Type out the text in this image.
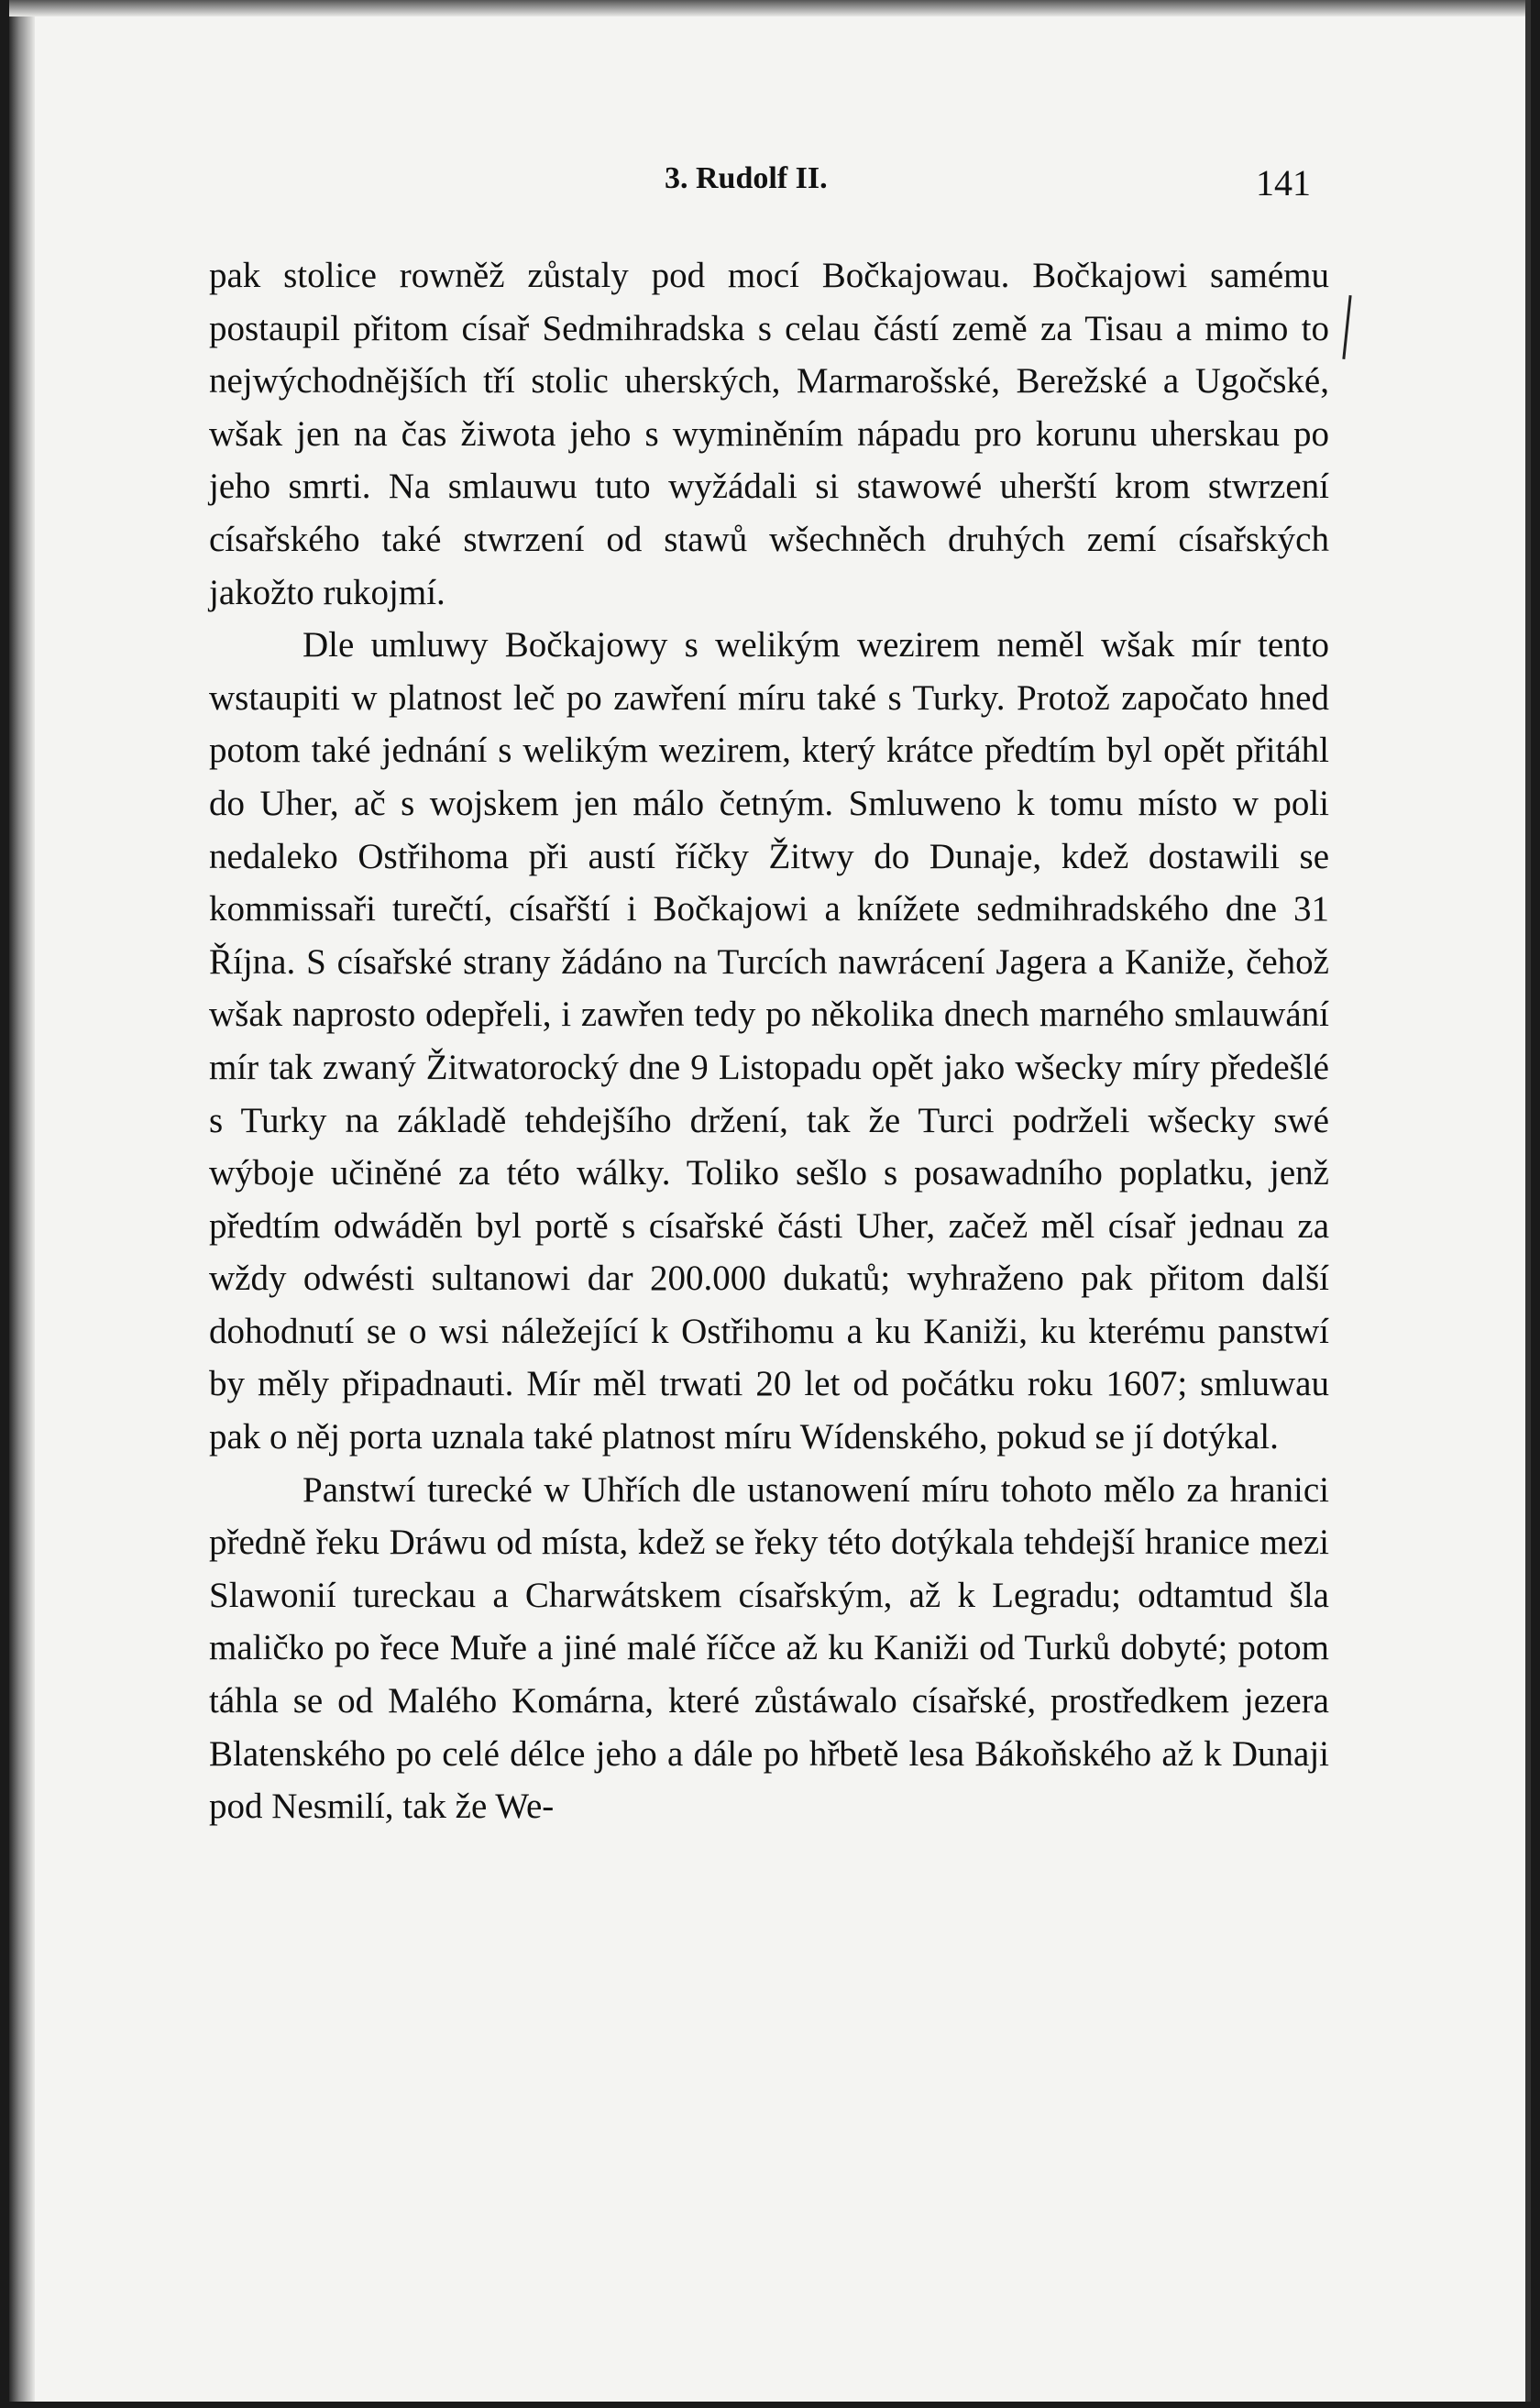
3. Rudolf II.	141

pak stolice rowněž zůstaly pod mocí Bočkajowau. Bočkajowi samému postaupil přitom císař Sedmihradska s celau částí země za Tisau a mimo to nejwýchodnějších tří stolic uherských, Marmarošské, Berežské a Ugočské, wšak jen na čas žiwota jeho s wyminěním nápadu pro korunu uherskau po jeho smrti. Na smlauwu tuto wyžádali si stawowé uherští krom stwrzení císařského také stwrzení od stawů wšechněch druhých zemí císařských jakožto rukojmí.

Dle umluwy Bočkajowy s welikým wezirem neměl wšak mír tento wstaupiti w platnost leč po zawření míru také s Turky. Protož započato hned potom také jednání s welikým wezirem, který krátce předtím byl opět přitáhl do Uher, ač s wojskem jen málo četným. Smluweno k tomu místo w poli nedaleko Ostřihoma při austí říčky Žitwy do Dunaje, kdež dostawili se kommissaři turečtí, císařští i Bočkajowi a knížete sedmihradského dne 31 Října. S císařské strany žádáno na Turcích nawrácení Jagera a Kaniže, čehož wšak naprosto odepřeli, i zawřen tedy po několika dnech marného smlauwání mír tak zwaný Žitwatorocký dne 9 Listopadu opět jako wšecky míry předešlé s Turky na základě tehdejšího držení, tak že Turci podrželi wšecky swé wýboje učiněné za této wálky. Toliko sešlo s posawadního poplatku, jenž předtím odwáděn byl portě s císařské části Uher, začež měl císař jednau za wždy odwésti sultanowi dar 200.000 dukatů; wyhraženo pak přitom další dohodnutí se o wsi náležející k Ostřihomu a ku Kaniži, ku kterému panstwí by měly připadnauti. Mír měl trwati 20 let od počátku roku 1607; smluwau pak o něj porta uznala také platnost míru Wídenského, pokud se jí dotýkal.

Panstwí turecké w Uhřích dle ustanowení míru tohoto mělo za hranici předně řeku Dráwu od místa, kdež se řeky této dotýkala tehdejší hranice mezi Slawonií tureckau a Charwátskem císařským, až k Legradu; odtamtud šla maličko po řece Muře a jiné malé říčce až ku Kaniži od Turků dobyté; potom táhla se od Malého Komárna, které zůstáwalo císařské, prostředkem jezera Blatenského po celé délce jeho a dále po hřbetě lesa Bákoňského až k Dunaji pod Nesmilí, tak že We-
